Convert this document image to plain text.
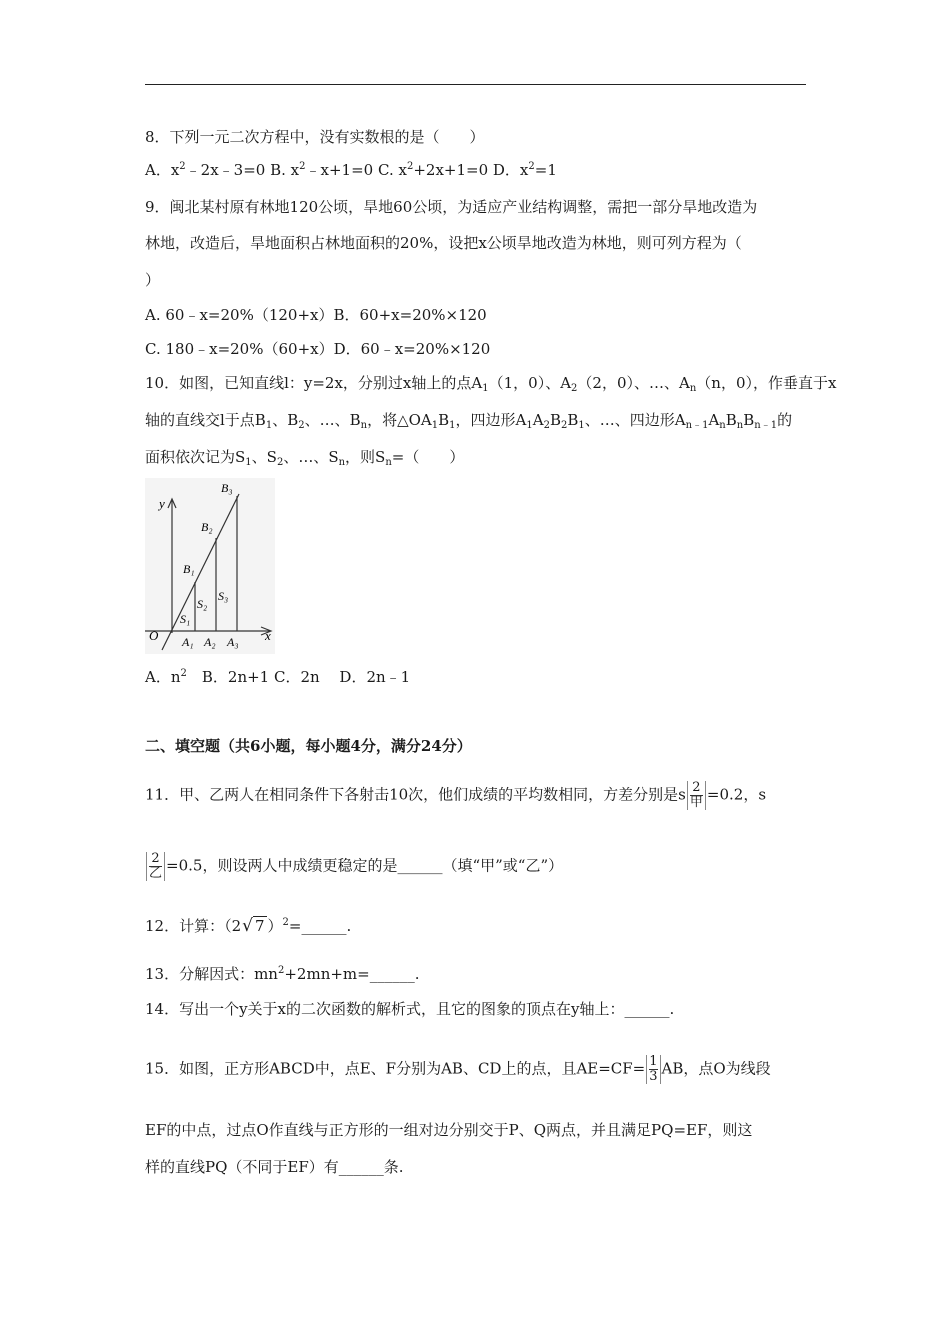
8．下列一元二次方程中，没有实数根的是（　　）
A．$x^2﹣2x﹣3=0$ B. $x^2﹣x+1=0$ C. $x^2+2x+1=0$ D．$x^2=1$
9．闽北某村原有林地120公顷，旱地60公顷，为适应产业结构调整，需把一部分旱地改造为
林地，改造后，旱地面积占林地面积的20%，设把x公顷旱地改造为林地，则可列方程为（
）
A. 60﹣x=20%（120+x）B．60+x=20%×120
C. 180﹣x=20%（60+x）D．60﹣x=20%×120
10．如图，已知直线l：y=2x，分别过x轴上的点$A_1(1$，0）、$A_2(2$，0）、…、$A_n(n$，0），作垂直于x
轴的直线交l于点$B_1$、$B_2$、…、$B_n$，将$\triangle OA_1B_1$，四边形$A_1A_2B_2B_1$、…、四边形$A_{n﹣1}A_nB_nB_{n﹣1}$的
面积依次记为$S_1$、$S_2$、…、$S_n$，则$S_n=$（　　）
y
x
O
B₁
B₂
B₃
S₁
S₂
S₃
A₁ A₂ A₃
A．$n^2$　B．2n+1 C．2n　 D．2n﹣1
二、填空题（共6小题，每小题4分，满分24分）
11．甲、乙两人在相同条件下各射击10次，他们成绩的平均数相同，方差分别是s $\frac{2}{\text{甲}} =0.2$，s
$\frac{2}{\text{乙}} =0.5$，则设两人中成绩更稳定的是______（填“甲”或“乙”）
12．计算：（2√ 7 ）$^2$=______.
13．分解因式：$mn^2+2mn+m=\_\_\_\_\_\_$.
14．写出一个y关于x的二次函数的解析式，且它的图象的顶点在y轴上：______.
15．如图，正方形ABCD中，点E、F分别为AB、CD上的点，且$AE=CF= \frac{1}{3}$ AB，点O为线段
EF的中点，过点O作直线与正方形的一组对边分别交于P、Q两点，并且满足PQ=EF，则这
样的直线PQ（不同于EF）有______条.
